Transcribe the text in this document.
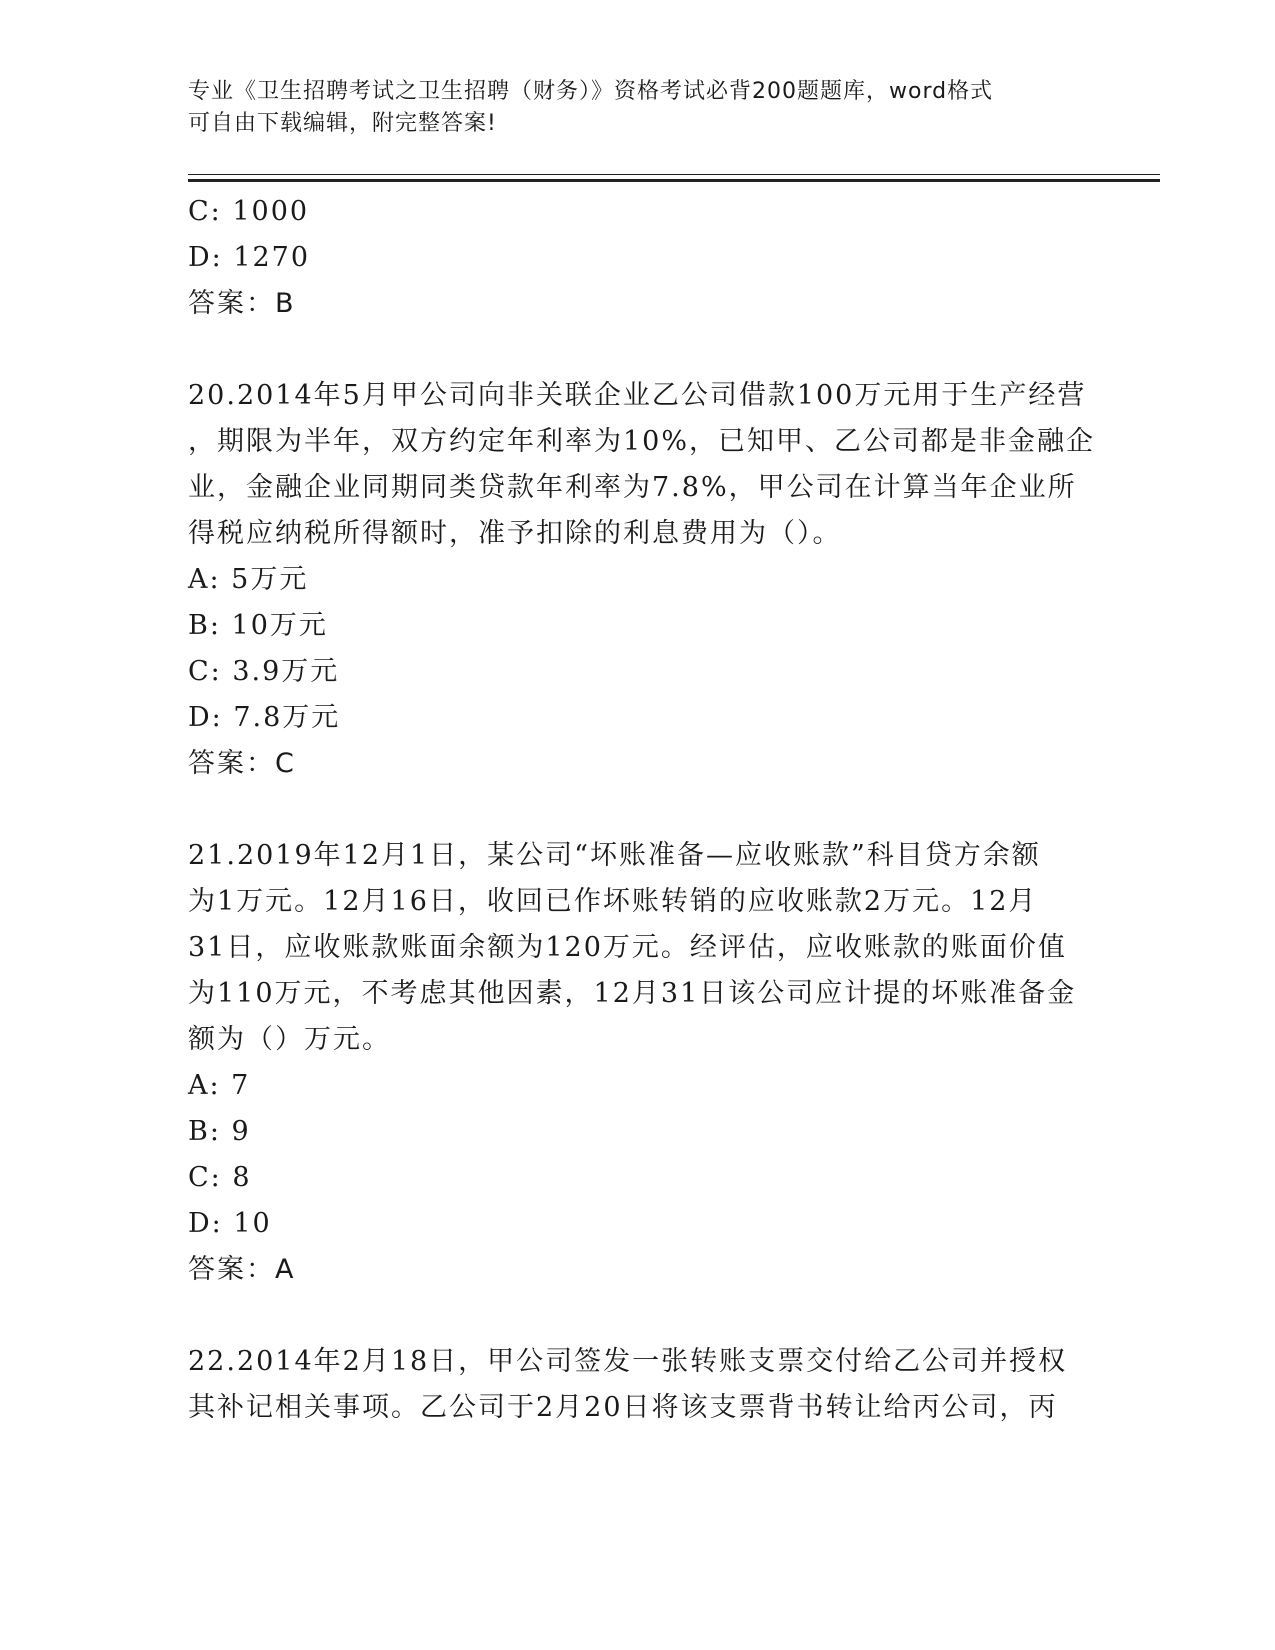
专业《卫生招聘考试之卫生招聘（财务）》资格考试必背200题题库，word格式
可自由下载编辑，附完整答案!
C: 1000
D: 1270
答案：B
20.2014年5月甲公司向非关联企业乙公司借款100万元用于生产经营
，期限为半年，双方约定年利率为10%，已知甲、乙公司都是非金融企
业，金融企业同期同类贷款年利率为7.8%，甲公司在计算当年企业所
得税应纳税所得额时，准予扣除的利息费用为（）。
A: 5万元
B: 10万元
C: 3.9万元
D: 7.8万元
答案：C
21.2019年12月1日，某公司“坏账准备—应收账款”科目贷方余额
为1万元。12月16日，收回已作坏账转销的应收账款2万元。12月
31日，应收账款账面余额为120万元。经评估，应收账款的账面价值
为110万元，不考虑其他因素，12月31日该公司应计提的坏账准备金
额为（）万元。
A: 7
B: 9
C: 8
D: 10
答案：A
22.2014年2月18日，甲公司签发一张转账支票交付给乙公司并授权
其补记相关事项。乙公司于2月20日将该支票背书转让给丙公司，丙
